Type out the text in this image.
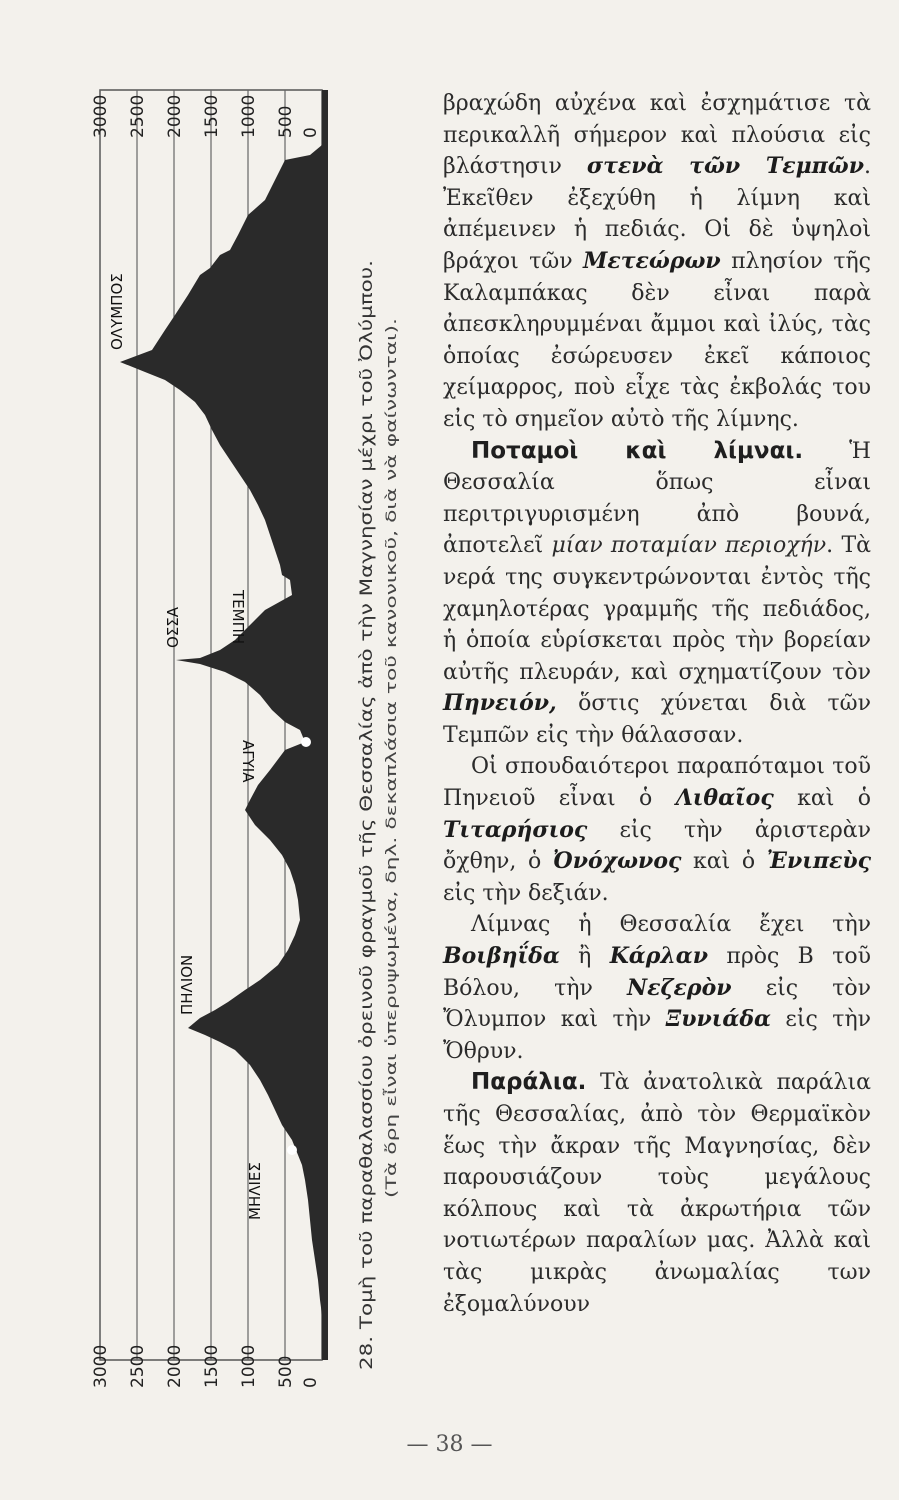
3000 2500 2000 1500 1000 500 0
3000 2500 2000 1500 1000 500 0
ΟΛΥΜΠΟΣ
ΤΕΜΠΗ
ΟΣΣΑ
ΑΓΥΙΑ
ΠΗΛΙΟΝ
ΜΗΛΙΕΣ	28. Τομὴ τοῦ παραθαλασσίου ὀρεινοῦ φραγμοῦ τῆς Θεσσαλίας ἀπὸ τὴν Μαγνησίαν μέχρι τοῦ Ὀλύμπου. (Τὰ ὄρη εἶναι ὑπερυψωμένα, δηλ. δεκαπλάσια τοῦ κανονικοῦ, διὰ νὰ φαίνωνται).

βραχώδη αὐχένα καὶ ἐσχημάτισε τὰ περικαλλῆ σήμερον καὶ πλούσια εἰς βλάστησιν στενὰ τῶν Τεμπῶν. Ἐκεῖθεν ἐξεχύθη ἡ λίμνη καὶ ἀπέμεινεν ἡ πεδιάς. Οἱ δὲ ὑψηλοὶ βράχοι τῶν Μετεώρων πλησίον τῆς Καλαμπάκας δὲν εἶναι παρὰ ἀπεσκληρυμμέναι ἄμμοι καὶ ἰλύς, τὰς ὁποίας ἐσώρευσεν ἐκεῖ κάποιος χείμαρρος, ποὺ εἶχε τὰς ἐκβολάς του εἰς τὸ σημεῖον αὐτὸ τῆς λίμνης.

Ποταμοὶ καὶ λίμναι. Ἡ Θεσσαλία ὅπως εἶναι περιτριγυρισμένη ἀπὸ βουνά, ἀποτελεῖ μίαν ποταμίαν περιοχήν. Τὰ νερά της συγκεντρώνονται ἐντὸς τῆς χαμηλοτέρας γραμμῆς τῆς πεδιάδος, ἡ ὁποία εὑρίσκεται πρὸς τὴν βορείαν αὐτῆς πλευράν, καὶ σχηματίζουν τὸν Πηνειόν, ὅστις χύνεται διὰ τῶν Τεμπῶν εἰς τὴν θάλασσαν.

Οἱ σπουδαιότεροι παραπόταμοι τοῦ Πηνειοῦ εἶναι ὁ Λιθαῖος καὶ ὁ Τιταρήσιος εἰς τὴν ἀριστερὰν ὄχθην, ὁ Ὀνόχωνος καὶ ὁ Ἐνιπεὺς εἰς τὴν δεξιάν.

Λίμνας ἡ Θεσσαλία ἔχει τὴν Βοιβηΐδα ἢ Κάρλαν πρὸς Β τοῦ Βόλου, τὴν Νεζερὸν εἰς τὸν Ὄλυμπον καὶ τὴν Ξυνιάδα εἰς τὴν Ὄθρυν.

Παράλια. Τὰ ἀνατολικὰ παράλια τῆς Θεσσαλίας, ἀπὸ τὸν Θερμαϊκὸν ἕως τὴν ἄκραν τῆς Μαγνησίας, δὲν παρουσιάζουν τοὺς μεγάλους κόλπους καὶ τὰ ἀκρωτήρια τῶν νοτιωτέρων παραλίων μας. Ἀλλὰ καὶ τὰς μικρὰς ἀνωμαλίας των ἐξομαλύνουν

— 38 —
